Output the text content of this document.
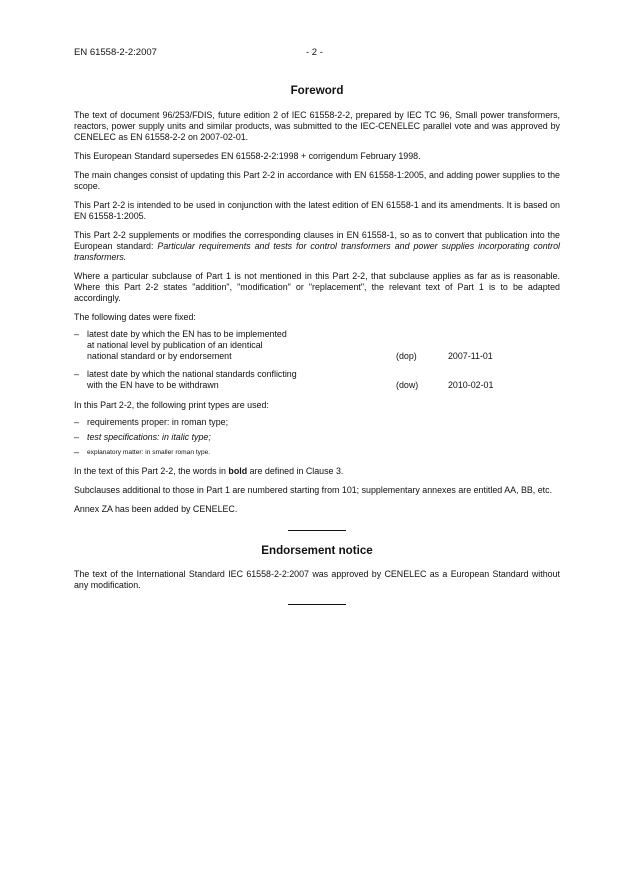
EN 61558-2-2:2007	- 2 -
Foreword

The text of document 96/253/FDIS, future edition 2 of IEC 61558-2-2, prepared by IEC TC 96, Small power transformers, reactors, power supply units and similar products, was submitted to the IEC-CENELEC parallel vote and was approved by CENELEC as EN 61558-2-2 on 2007-02-01.

This European Standard supersedes EN 61558-2-2:1998 + corrigendum February 1998.

The main changes consist of updating this Part 2-2 in accordance with EN 61558-1:2005, and adding power supplies to the scope.

This Part 2-2 is intended to be used in conjunction with the latest edition of EN 61558-1 and its amendments. It is based on EN 61558-1:2005.

This Part 2-2 supplements or modifies the corresponding clauses in EN 61558-1, so as to convert that publication into the European standard: Particular requirements and tests for control transformers and power supplies incorporating control transformers.

Where a particular subclause of Part 1 is not mentioned in this Part 2-2, that subclause applies as far as is reasonable. Where this Part 2-2 states "addition", "modification" or "replacement", the relevant text of Part 1 is to be adapted accordingly.

The following dates were fixed:

– latest date by which the EN has to be implemented
at national level by publication of an identical
national standard or by endorsement	(dop)	2007-11-01
– latest date by which the national standards conflicting
with the EN have to be withdrawn	(dow)	2010-02-01

In this Part 2-2, the following print types are used:

– requirements proper: in roman type;
– test specifications: in italic type;
–	explanatory matter: in smaller roman type.

In the text of this Part 2-2, the words in bold are defined in Clause 3.

Subclauses additional to those in Part 1 are numbered starting from 101; supplementary annexes are entitled AA, BB, etc.

Annex ZA has been added by CENELEC.

Endorsement notice

The text of the International Standard IEC 61558-2-2:2007 was approved by CENELEC as a European Standard without any modification.
